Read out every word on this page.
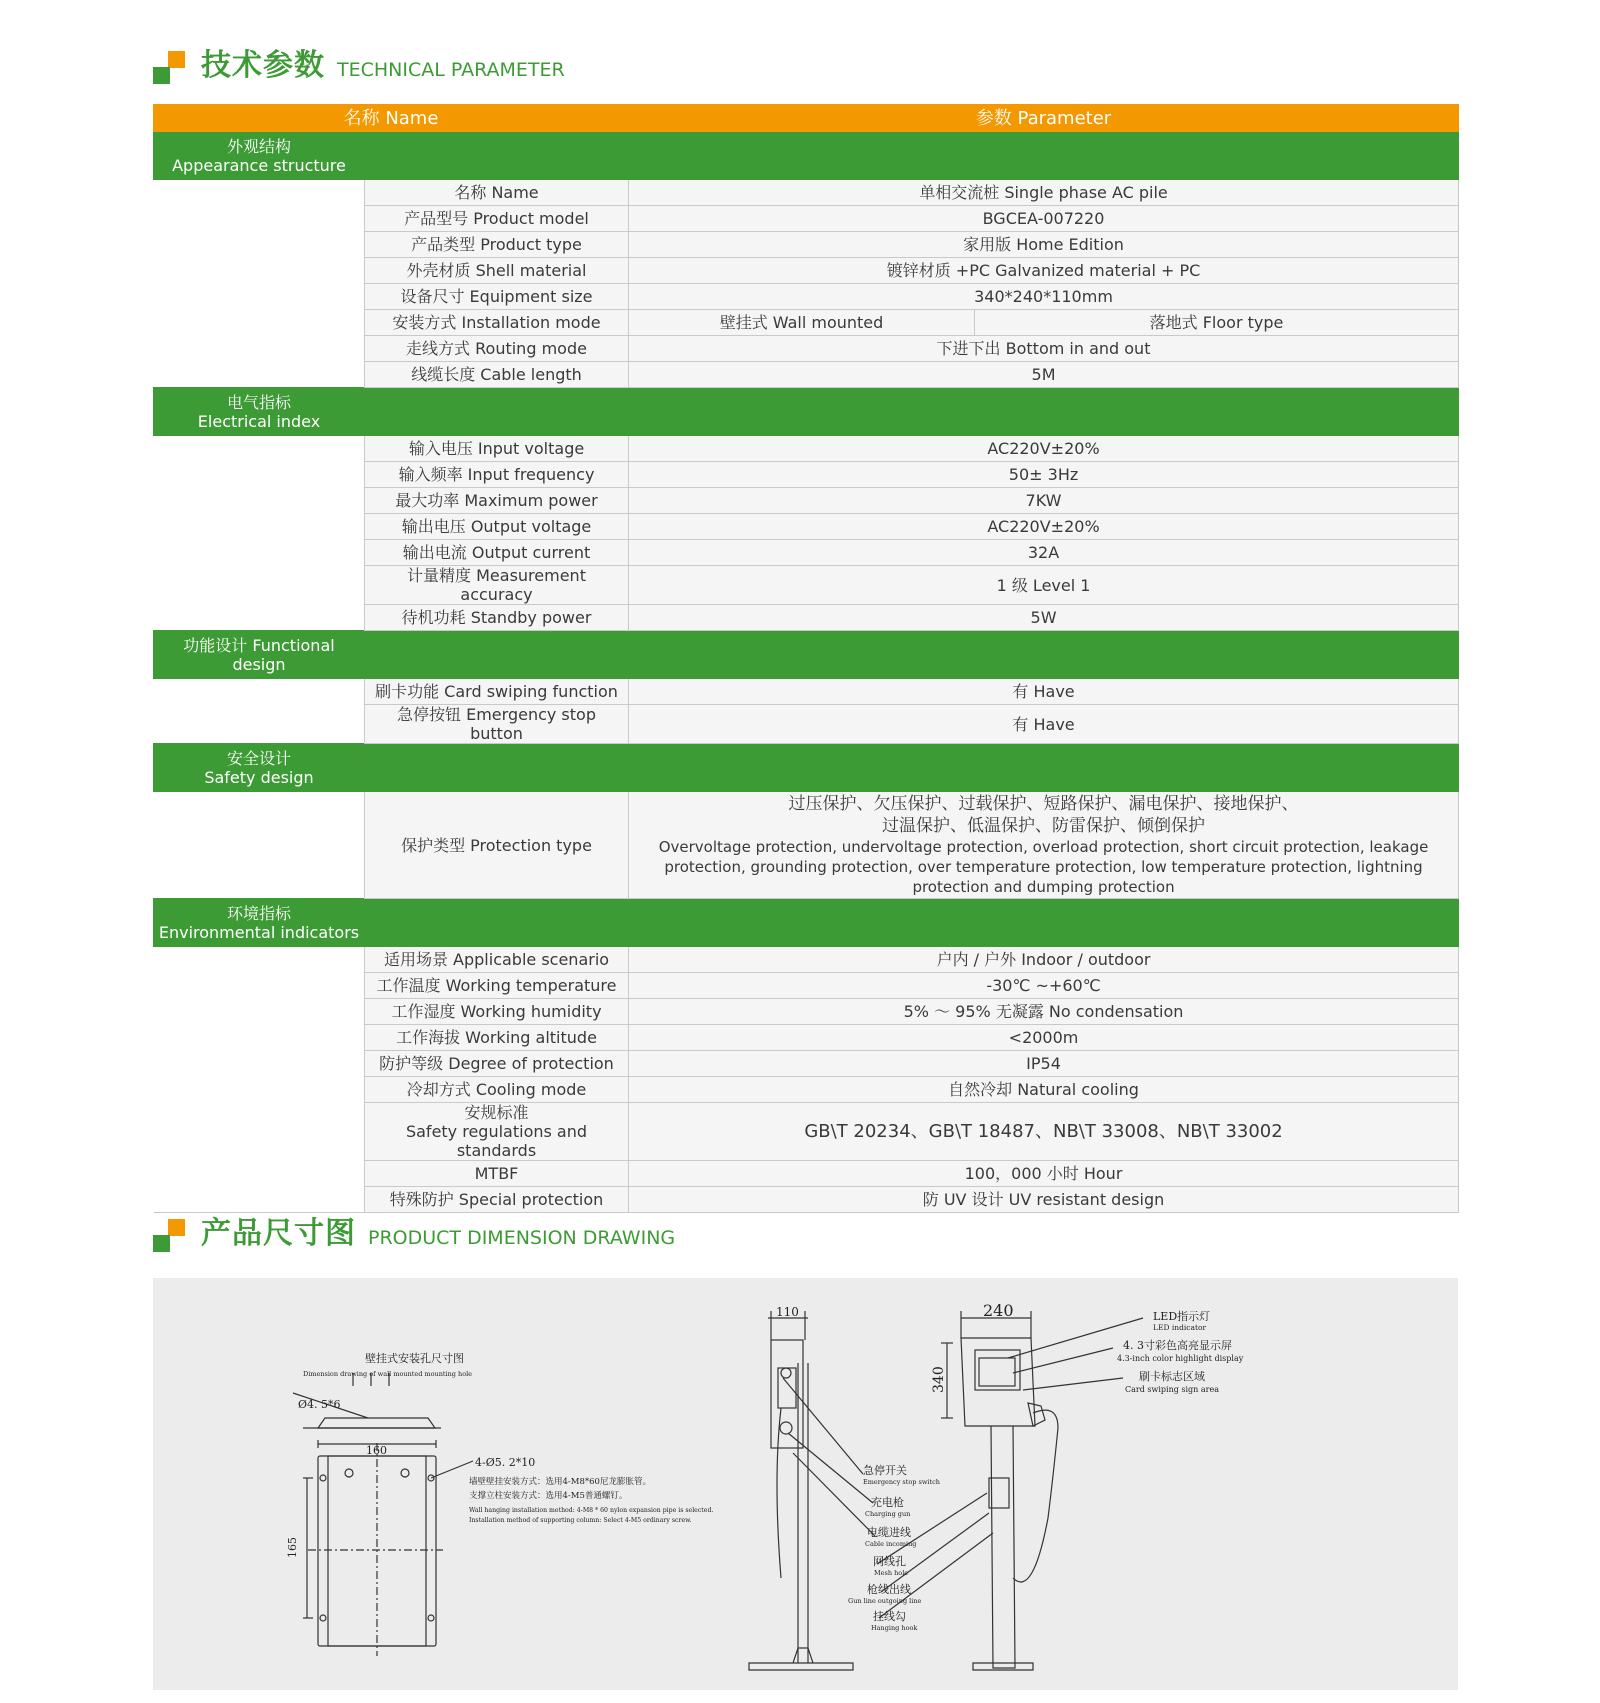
技术参数 TECHNICAL PARAMETER
名称 Name		参数 Parameter	
外观结构
Appearance structure			
	名称 Name	单相交流桩 Single phase AC pile	
	产品型号 Product model	BGCEA-007220	
	产品类型 Product type	家用版 Home Edition	
	外壳材质 Shell material	镀锌材质 +PC Galvanized material + PC	
	设备尺寸 Equipment size	340*240*110mm	
	安装方式 Installation mode	壁挂式 Wall mounted	落地式 Floor type
	走线方式 Routing mode	下进下出 Bottom in and out	
	线缆长度 Cable length	5M	
电气指标
Electrical index			
	输入电压 Input voltage	AC220V±20%	
	输入频率 Input frequency	50± 3Hz	
	最大功率 Maximum power	7KW	
	输出电压 Output voltage	AC220V±20%	
	输出电流 Output current	32A	
	计量精度 Measurement accuracy	1 级 Level 1	
	待机功耗 Standby power	5W	
功能设计 Functional
design			
	刷卡功能 Card swiping function	有 Have	
	急停按钮 Emergency stop button	有 Have	
安全设计
Safety design			
	保护类型 Protection type	过压保护、欠压保护、过载保护、短路保护、漏电保护、接地保护、
过温保护、低温保护、防雷保护、倾倒保护
Overvoltage protection, undervoltage protection, overload protection, short circuit protection, leakage protection, grounding protection, over temperature protection, low temperature protection, lightning protection and dumping protection	

环境指标
Environmental indicators			
	适用场景 Applicable scenario	户内 / 户外 Indoor / outdoor	
	工作温度 Working temperature	-30℃ ~+60℃	
	工作湿度 Working humidity	5% ～ 95% 无凝露 No condensation	
	工作海拔 Working altitude	<2000m	
	防护等级 Degree of protection	IP54	
	冷却方式 Cooling mode	自然冷却 Natural cooling	
	安规标准
Safety regulations and standards	GB\T 20234、GB\T 18487、NB\T 33008、NB\T 33002	
	MTBF	100，000 小时 Hour	
	特殊防护 Special protection	防 UV 设计 UV resistant design	
产品尺寸图 PRODUCT DIMENSION DRAWING
壁挂式安装孔尺寸图
Dimension drawing of wall mounted mounting hole
Ø4. 5*6
160
165
4-Ø5. 2*10
墙壁壁挂安装方式：选用4-M8*60尼龙膨胀管。
支撑立柱安装方式：选用4-M5普通螺钉。
Wall hanging installation method: 4-M8 * 60 nylon expansion pipe is selected.
Installation method of supporting column: Select 4-M5 ordinary screw.
110	240
340
急停开关
Emergency stop switch
充电枪
Charging gun
电缆进线
Cable incoming
网线孔
Mesh hole
枪线出线
Gun line outgoing line
挂线勾
Hanging hook
LED指示灯
LED indicator
4. 3寸彩色高亮显示屏
4.3-inch color highlight display
刷卡标志区域
Card swiping sign area
